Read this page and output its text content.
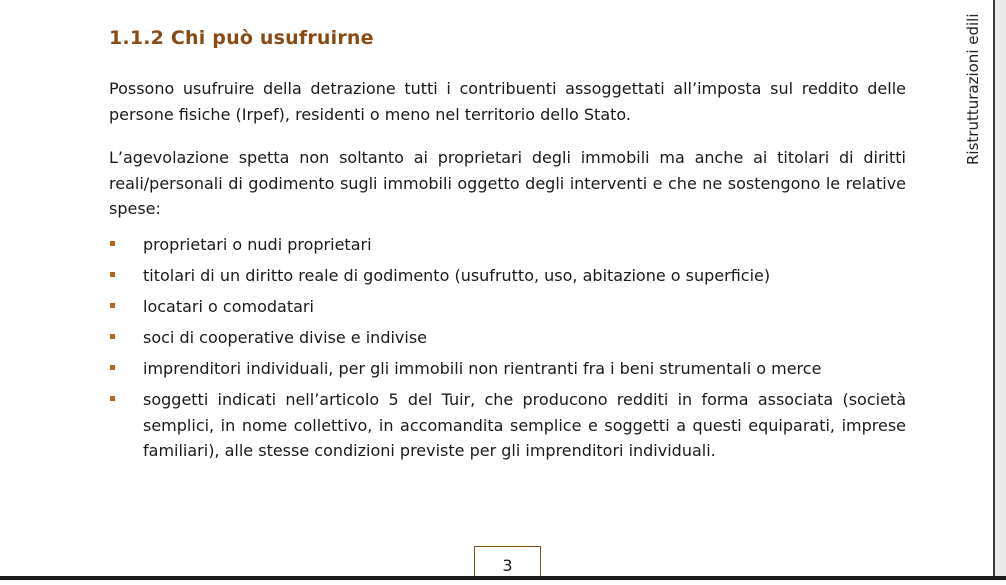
1.1.2 Chi può usufruirne
Possono usufruire della detrazione tutti i contribuenti assoggettati all’imposta sul reddito delle persone fisiche (Irpef), residenti o meno nel territorio dello Stato.
L’agevolazione spetta non soltanto ai proprietari degli immobili ma anche ai titolari di diritti reali/personali di godimento sugli immobili oggetto degli interventi e che ne sostengono le relative spese:
proprietari o nudi proprietari
titolari di un diritto reale di godimento (usufrutto, uso, abitazione o superficie)
locatari o comodatari
soci di cooperative divise e indivise
imprenditori individuali, per gli immobili non rientranti fra i beni strumentali o merce
soggetti indicati nell’articolo 5 del Tuir, che producono redditi in forma associata (società semplici, in nome collettivo, in accomandita semplice e soggetti a questi equiparati, imprese familiari), alle stesse condizioni previste per gli imprenditori individuali.
3
Ristrutturazioni edili
